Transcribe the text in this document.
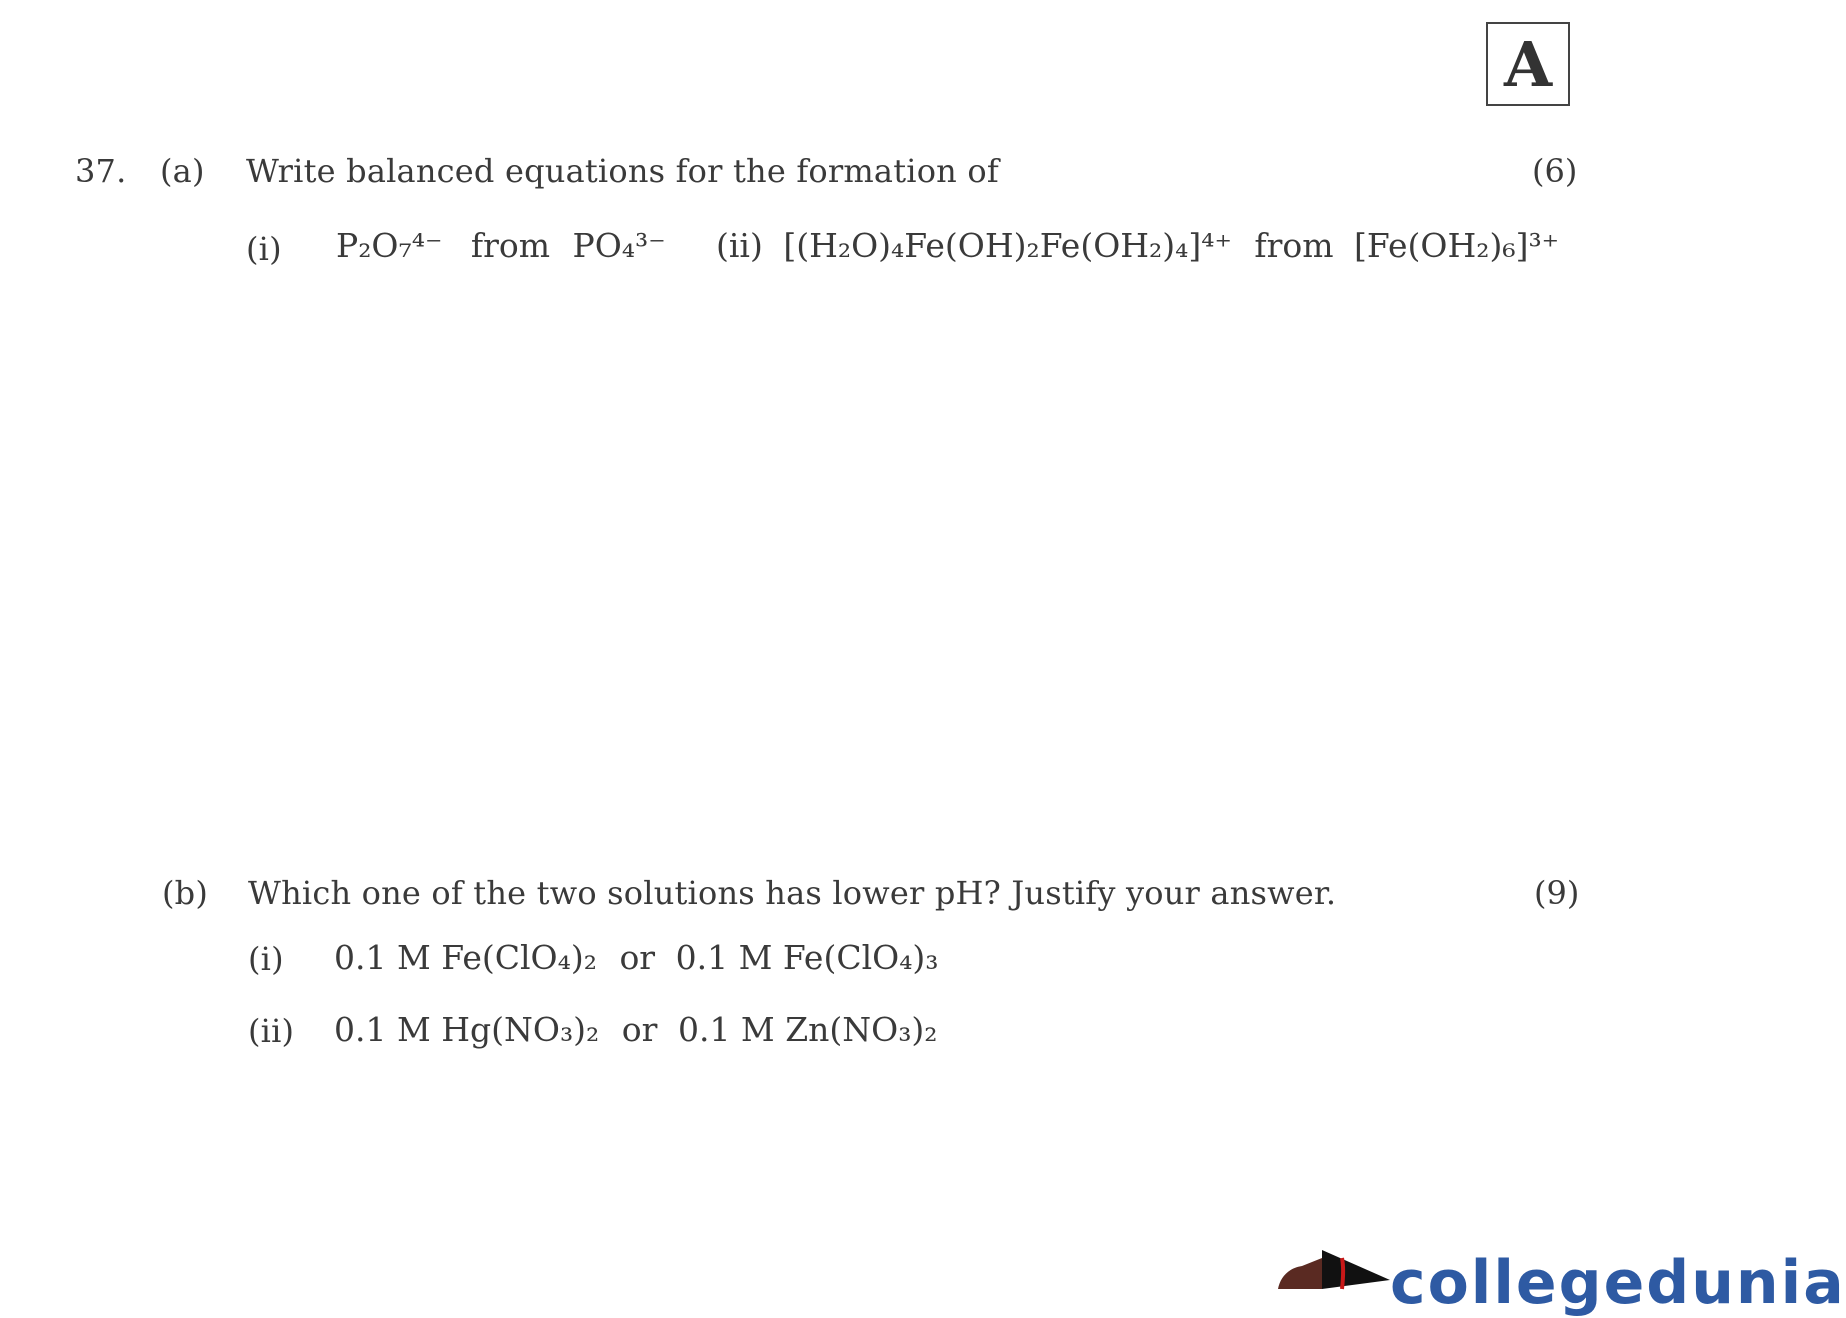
A
37. (a) Write balanced equations for the formation of	(6)
(i) P₂O₇⁴⁻ from PO₄³⁻ (ii) [(H₂O)₄Fe(OH)₂Fe(OH₂)₄]⁴⁺ from [Fe(OH₂)₆]³⁺
(b) Which one of the two solutions has lower pH? Justify your answer.	(9)
(i) 0.1 M Fe(ClO₄)₂ or 0.1 M Fe(ClO₄)₃
(ii) 0.1 M Hg(NO₃)₂ or 0.1 M Zn(NO₃)₂
collegedunia
